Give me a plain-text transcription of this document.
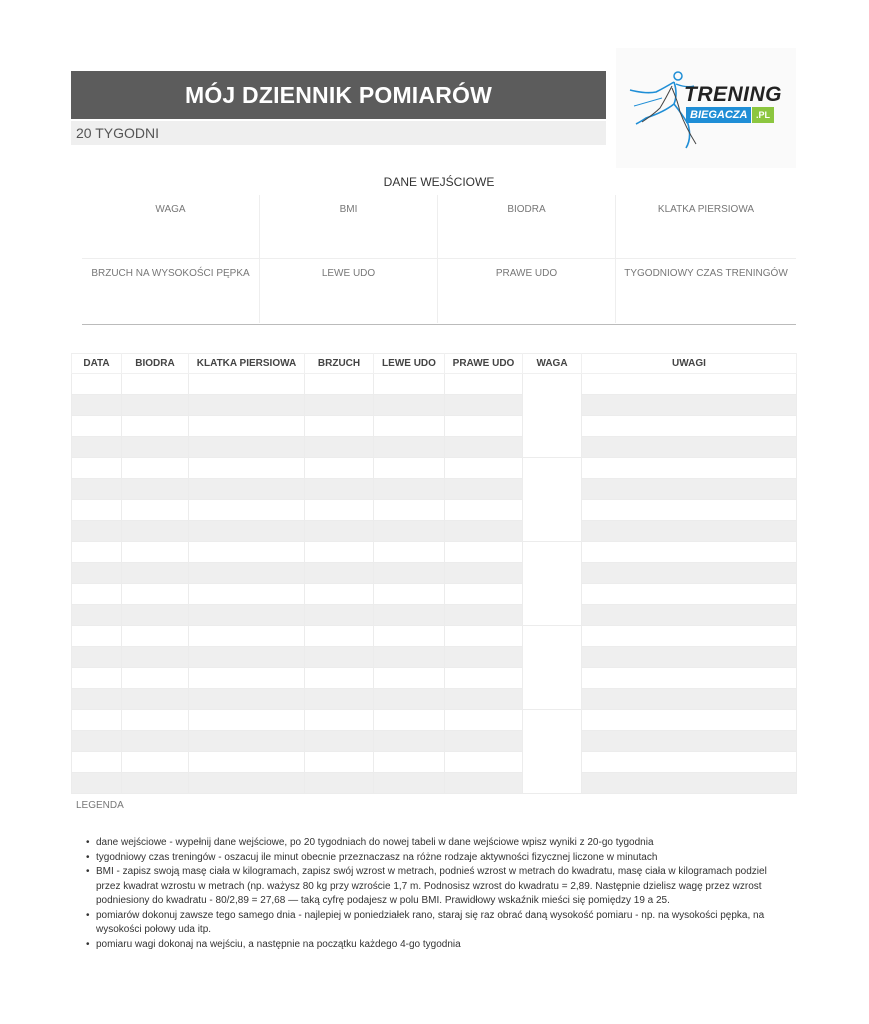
MÓJ DZIENNIK POMIARÓW
20 TYGODNI
TRENING
BIEGACZA .PL
DANE WEJŚCIOWE
WAGA	BMI	BIODRA	KLATKA PIERSIOWA
BRZUCH NA WYSOKOŚCI PĘPKA	LEWE UDO	PRAWE UDO	TYGODNIOWY CZAS TRENINGÓW
DATA	BIODRA	KLATKA PIERSIOWA	BRZUCH	LEWE UDO	PRAWE UDO	WAGA	UWAGI

LEGENDA
• dane wejściowe - wypełnij dane wejściowe, po 20 tygodniach do nowej tabeli w dane wejściowe wpisz wyniki z 20-go tygodnia
• tygodniowy czas treningów - oszacuj ile minut obecnie przeznaczasz na różne rodzaje aktywności fizycznej liczone w minutach
• BMI - zapisz swoją masę ciała w kilogramach, zapisz swój wzrost w metrach, podnieś wzrost w metrach do kwadratu, masę ciała w kilogramach podziel przez kwadrat wzrostu w metrach (np. ważysz 80 kg przy wzroście 1,7 m. Podnosisz wzrost do kwadratu = 2,89. Następnie dzielisz wagę przez wzrost podniesiony do kwadratu - 80/2,89 = 27,68 — taką cyfrę podajesz w polu BMI. Prawidłowy wskaźnik mieści się pomiędzy 19 a 25.
• pomiarów dokonuj zawsze tego samego dnia - najlepiej w poniedziałek rano, staraj się raz obrać daną wysokość pomiaru - np. na wysokości pępka, na wysokości połowy uda itp.
• pomiaru wagi dokonaj na wejściu, a następnie na początku każdego 4-go tygodnia
